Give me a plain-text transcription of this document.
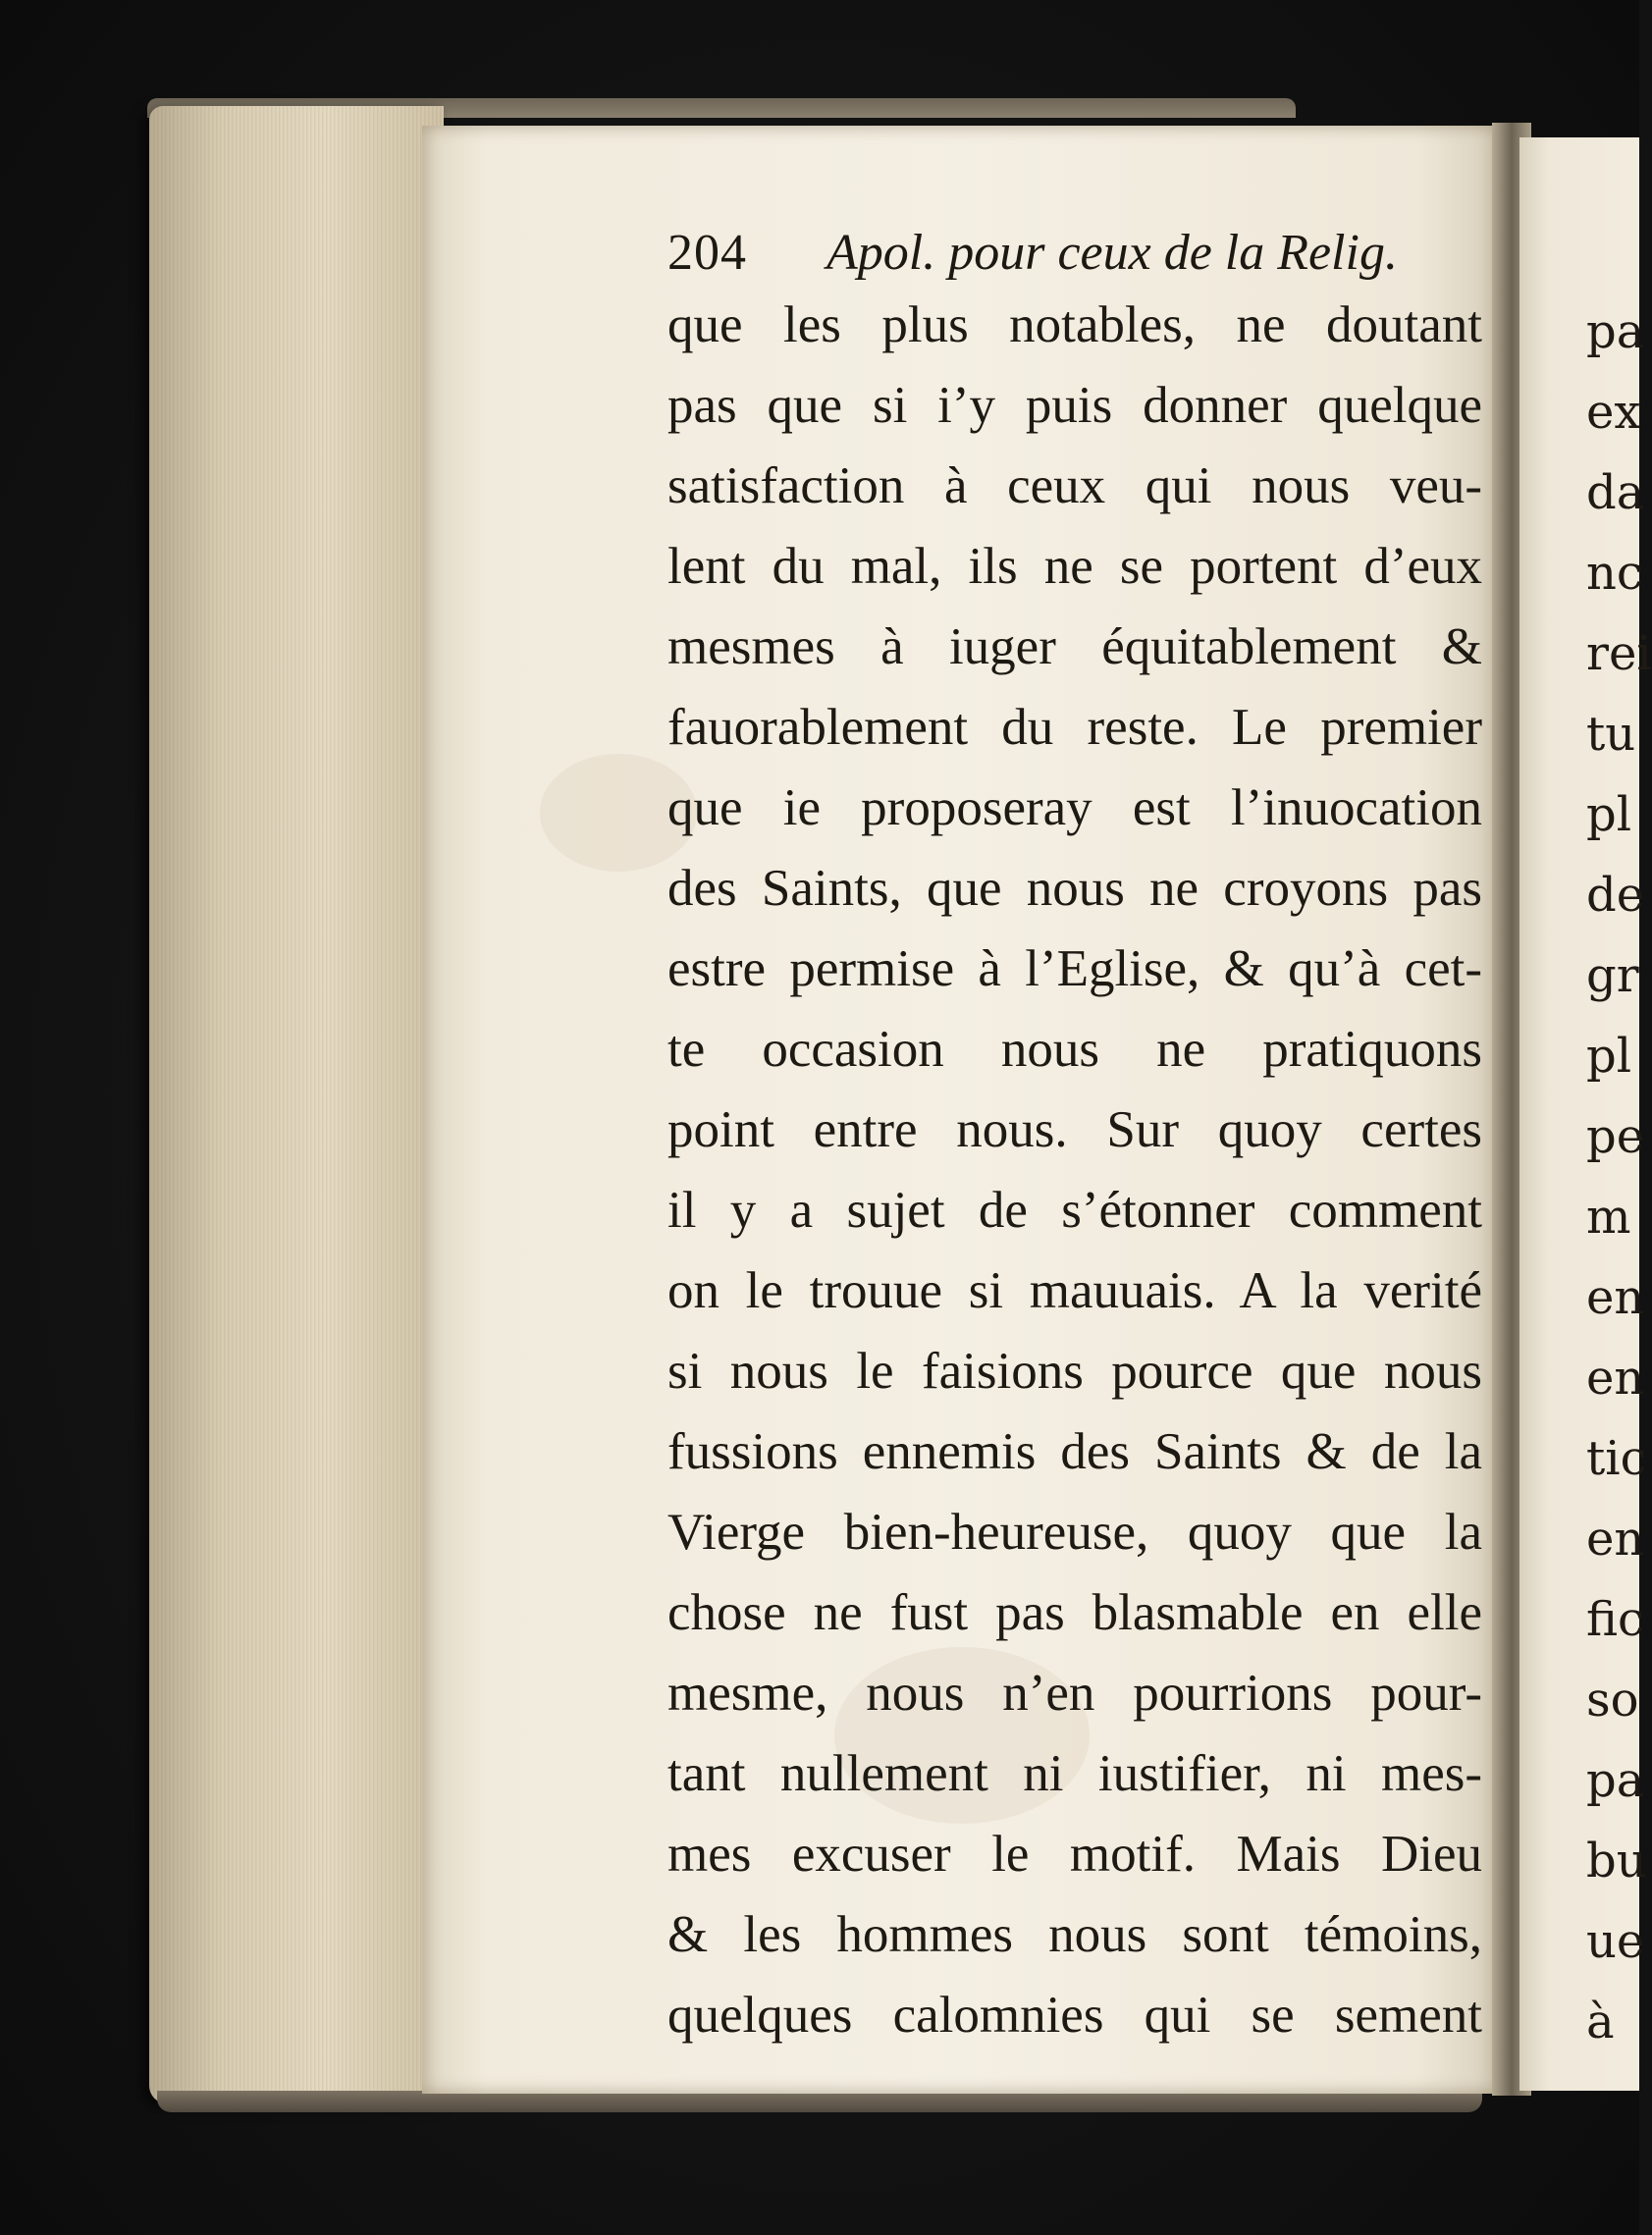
pa
ex
da
nc
rei
tu
pl
de
gr
pl
pe
m
en
en
tic
en
fic
so
pa
bu
ue
à
204 Apol. pour ceux de la Relig.
que les plus notables, ne doutant
pas que si i’y puis donner quelque
satisfaction à ceux qui nous veu-
lent du mal, ils ne se portent d’eux
mesmes à iuger équitablement &
fauorablement du reste. Le premier
que ie proposeray est l’inuocation
des Saints, que nous ne croyons pas
estre permise à l’Eglise, & qu’à cet-
te occasion nous ne pratiquons
point entre nous. Sur quoy certes
il y a sujet de s’étonner comment
on le trouue si mauuais. A la verité
si nous le faisions pource que nous
fussions ennemis des Saints & de la
Vierge bien-heureuse, quoy que la
chose ne fust pas blasmable en elle
mesme, nous n’en pourrions pour-
tant nullement ni iustifier, ni mes-
mes excuser le motif. Mais Dieu
& les hommes nous sont témoins,
quelques calomnies qui se sement
